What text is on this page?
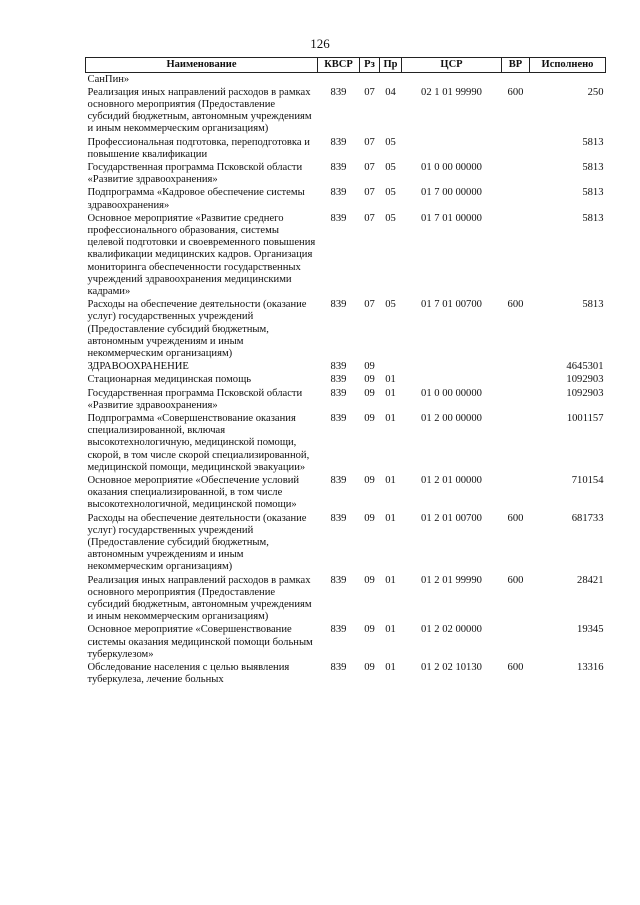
126
Наименование	КВСР	Рз	Пр	ЦСР	ВР	Исполнено
СанПин»						
Реализация иных направлений расходов в рамках основного мероприятия (Предоставление субсидий бюджетным, автономным учреждениям и иным некоммерческим организациям)	839	07	04	02 1 01 99990	600	250
Профессиональная подготовка, переподготовка и повышение квалификации	839	07	05			5813
Государственная программа Псковской области «Развитие здравоохранения»	839	07	05	01 0 00 00000		5813
Подпрограмма «Кадровое обеспечение системы здравоохранения»	839	07	05	01 7 00 00000		5813
Основное мероприятие «Развитие среднего профессионального образования, системы целевой подготовки и своевременного повышения квалификации медицинских кадров. Организация мониторинга обеспеченности государственных учреждений здравоохранения медицинскими кадрами»	839	07	05	01 7 01 00000		5813
Расходы на обеспечение деятельности (оказание услуг) государственных учреждений (Предоставление субсидий бюджетным, автономным учреждениям и иным некоммерческим организациям)	839	07	05	01 7 01 00700	600	5813
ЗДРАВООХРАНЕНИЕ	839	09				4645301
Стационарная медицинская помощь	839	09	01			1092903
Государственная программа Псковской области «Развитие здравоохранения»	839	09	01	01 0 00 00000		1092903
Подпрограмма «Совершенствование оказания специализированной, включая высокотехнологичную, медицинской помощи, скорой, в том числе скорой специализированной, медицинской помощи, медицинской эвакуации»	839	09	01	01 2 00 00000		1001157
Основное мероприятие «Обеспечение условий оказания специализированной, в том числе высокотехнологичной, медицинской помощи»	839	09	01	01 2 01 00000		710154
Расходы на обеспечение деятельности (оказание услуг) государственных учреждений (Предоставление субсидий бюджетным, автономным учреждениям и иным некоммерческим организациям)	839	09	01	01 2 01 00700	600	681733
Реализация иных направлений расходов в рамках основного мероприятия (Предоставление субсидий бюджетным, автономным учреждениям и иным некоммерческим организациям)	839	09	01	01 2 01 99990	600	28421
Основное мероприятие «Совершенствование системы оказания медицинской помощи больным туберкулезом»	839	09	01	01 2 02 00000		19345
Обследование населения с целью выявления туберкулеза, лечение больных	839	09	01	01 2 02 10130	600	13316
